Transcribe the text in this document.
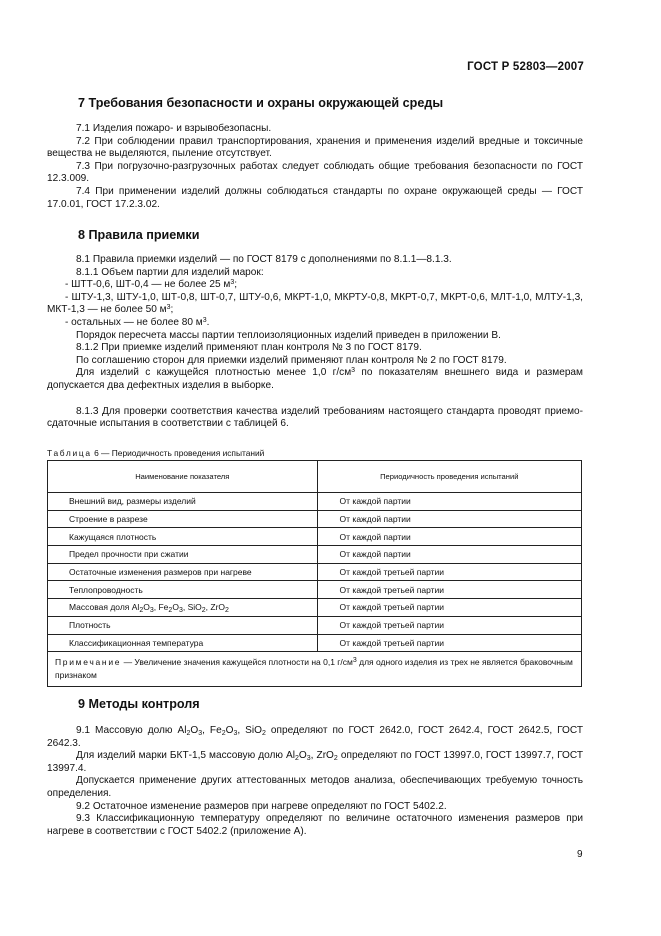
ГОСТ Р 52803—2007
7 Требования безопасности и охраны окружающей среды

7.1 Изделия пожаро- и взрывобезопасны.

7.2 При соблюдении правил транспортирования, хранения и применения изделий вредные и токсичные вещества не выделяются, пыление отсутствует.

7.3 При погрузочно-разгрузочных работах следует соблюдать общие требования безопасности по ГОСТ 12.3.009.

7.4 При применении изделий должны соблюдаться стандарты по охране окружающей среды — ГОСТ 17.0.01, ГОСТ 17.2.3.02.

8 Правила приемки

8.1 Правила приемки изделий — по ГОСТ 8179 с дополнениями по 8.1.1—8.1.3.

8.1.1 Объем партии для изделий марок:

- ШТТ-0,6, ШТ-0,4 — не более 25 $м^3$;

- ШТУ-1,3, ШТУ-1,0, ШТ-0,8, ШТ-0,7, ШТУ-0,6, МКРТ-1,0, МКРТУ-0,8, МКРТ-0,7, МКРТ-0,6, МЛТ-1,0, МЛТУ-1,3, МКТ-1,3 — не более 50 $м^3$;

- остальных — не более 80 $м^3$.

Порядок пересчета массы партии теплоизоляционных изделий приведен в приложении В.

8.1.2 При приемке изделий применяют план контроля № 3 по ГОСТ 8179.

По соглашению сторон для приемки изделий применяют план контроля № 2 по ГОСТ 8179.

Для изделий с кажущейся плотностью менее 1,0 $г/см^3$ по показателям внешнего вида и размерам допускается два дефектных изделия в выборке.

8.1.3 Для проверки соответствия качества изделий требованиям настоящего стандарта проводят приемо-сдаточные испытания в соответствии с таблицей 6.

Таблица 6 — Периодичность проведения испытаний
Наименование показателя	Периодичность проведения испытаний
Внешний вид, размеры изделий	От каждой партии
Строение в разрезе	От каждой партии
Кажущаяся плотность	От каждой партии
Предел прочности при сжатии	От каждой партии
Остаточные изменения размеров при нагреве	От каждой третьей партии
Теплопроводность	От каждой третьей партии
Массовая доля $Al_2O_3$, $Fe_2O_3$, SiO$_2$, ZrO$_2$	От каждой третьей партии
Плотность	От каждой третьей партии
Классификационная температура	От каждой третьей партии
Примечание — Увеличение значения кажущейся плотности на 0,1 $г/см^3$ для одного изделия из трех не является браковочным признаком	
9 Методы контроля

9.1 Массовую долю $Al_2O_3$, $Fe_2O_3$, SiO$_2$ определяют по ГОСТ 2642.0, ГОСТ 2642.4, ГОСТ 2642.5, ГОСТ 2642.3.

Для изделий марки БКТ-1,5 массовую долю $Al_2O_3$, ZrO$_2$ определяют по ГОСТ 13997.0, ГОСТ 13997.7, ГОСТ 13997.4.

Допускается применение других аттестованных методов анализа, обеспечивающих требуемую точность определения.

9.2 Остаточное изменение размеров при нагреве определяют по ГОСТ 5402.2.

9.3 Классификационную температуру определяют по величине остаточного изменения размеров при нагреве в соответствии с ГОСТ 5402.2 (приложение А).

9
